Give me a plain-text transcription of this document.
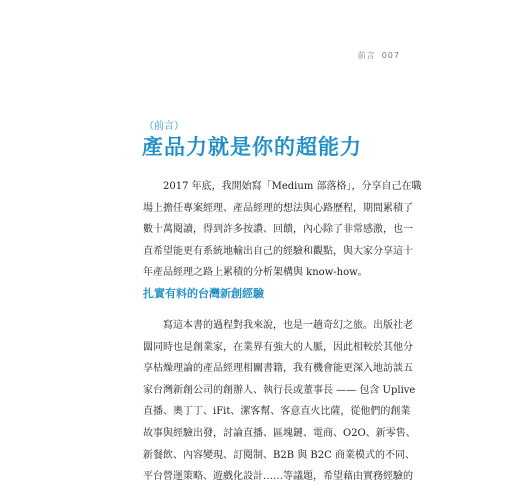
前言 007
（前言）
產品力就是你的超能力
　　2017 年底，我開始寫「Medium 部落格」，分享自己在職
場上擔任專案經理、產品經理的想法與心路歷程，期間累積了
數十萬閱讀，得到許多按讚、回饋，內心除了非常感激，也一
直希望能更有系統地輸出自己的經驗和觀點，與大家分享這十
年產品經理之路上累積的分析架構與 know-how。
扎實有料的台灣新創經驗
　　寫這本書的過程對我來說，也是一趟奇幻之旅。出版社老
闆同時也是創業家，在業界有強大的人脈，因此相較於其他分
享枯燥理論的產品經理相關書籍，我有機會能更深入地訪談五
家台灣新創公司的創辦人、執行長或董事長 —— 包含 Uplive
直播、奧丁丁、iFit、潔客幫、客意直火比薩，從他們的創業
故事與經驗出發，討論直播、區塊鏈、電商、O2O、新零售、
新餐飲、內容變現、訂閱制、B2B 與 B2C 商業模式的不同、
平台營運策略、遊戲化設計……等議題，希望藉由實務經驗的
